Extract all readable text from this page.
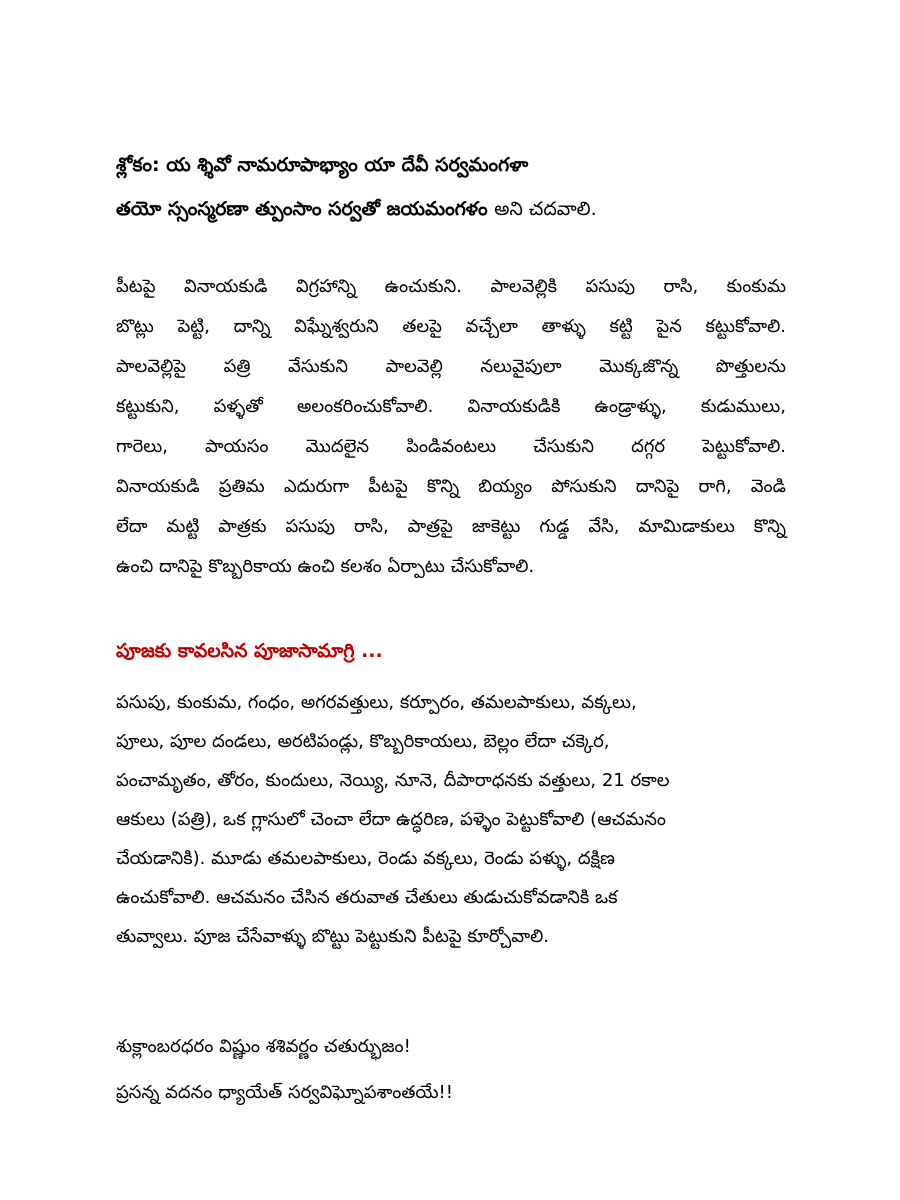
శ్లోకం: య శ్శివో నామరూపాభ్యాం యా దేవీ సర్వమంగళా
తయో స్సంస్మరణా త్పుంసాం సర్వతో జయమంగళం అని చదవాలి.
పీటపై వినాయకుడి విగ్రహాన్ని ఉంచుకుని. పాలవెల్లికి పసుపు రాసి, కుంకుమ
బొట్లు పెట్టి, దాన్ని విఘ్నేశ్వరుని తలపై వచ్చేలా తాళ్ళు కట్టి పైన కట్టుకోవాలి.
పాలవెల్లిపై పత్రి వేసుకుని పాలవెల్లి నలువైపులా మొక్కజొన్న పొత్తులను
కట్టుకుని, పళ్ళతో అలంకరించుకోవాలి. వినాయకుడికి ఉండ్రాళ్ళు, కుడుములు,
గారెలు, పాయసం మొదలైన పిండివంటలు చేసుకుని దగ్గర పెట్టుకోవాలి.
వినాయకుడి ప్రతిమ ఎదురుగా పీటపై కొన్ని బియ్యం పోసుకుని దానిపై రాగి, వెండి
లేదా మట్టి పాత్రకు పసుపు రాసి, పాత్రపై జాకెట్టు గుడ్డ వేసి, మామిడాకులు కొన్ని
ఉంచి దానిపై కొబ్బరికాయ ఉంచి కలశం ఏర్పాటు చేసుకోవాలి.
పూజకు కావలసిన పూజాసామాగ్రి ...
పసుపు, కుంకుమ, గంధం, అగరవత్తులు, కర్పూరం, తమలపాకులు, వక్కలు,
పూలు, పూల దండలు, అరటిపండ్లు, కొబ్బరికాయలు, బెల్లం లేదా చక్కెర,
పంచామృతం, తోరం, కుందులు, నెయ్యి, నూనె, దీపారాధనకు వత్తులు, 21 రకాల
ఆకులు (పత్రి), ఒక గ్లాసులో చెంచా లేదా ఉద్ధరిణ, పళ్ళెం పెట్టుకోవాలి (ఆచమనం
చేయడానికి). మూడు తమలపాకులు, రెండు వక్కలు, రెండు పళ్ళు, దక్షిణ
ఉంచుకోవాలి. ఆచమనం చేసిన తరువాత చేతులు తుడుచుకోవడానికి ఒక
తువ్వాలు. పూజ చేసేవాళ్ళు బొట్టు పెట్టుకుని పీటపై కూర్చోవాలి.
శుక్లాంబరధరం విష్ణుం శశివర్ణం చతుర్భుజం!
ప్రసన్న వదనం ధ్యాయేత్ సర్వవిఘ్నోపశాంతయే!!
